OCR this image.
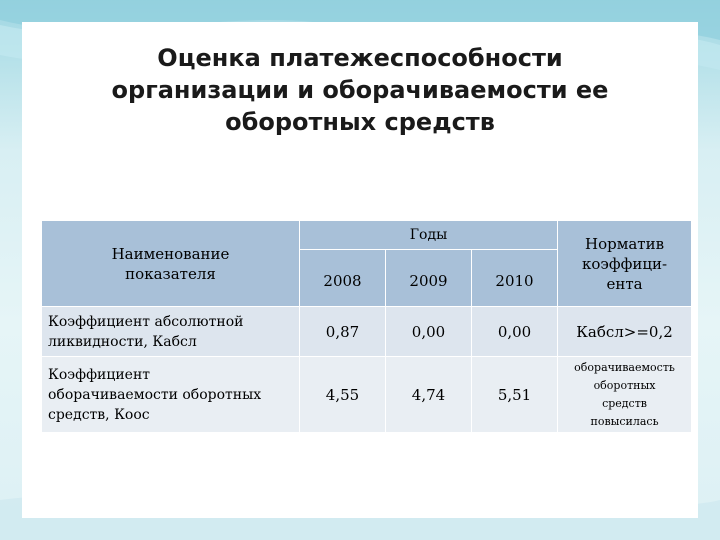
Оценка платежеспособности
организации и оборачиваемости ее
оборотных средств
Наименование
показателя	Годы			Норматив
коэффици-
ента

	2008	2009	2010	

Коэффициент абсолютной
ликвидности, Кабсл	0,87	0,00	0,00	Кабсл>=0,2

Коэффициент
оборачиваемости оборотных
средств, Коос	4,55	4,74	5,51	оборачиваемость
оборотных
средств
повысилась
